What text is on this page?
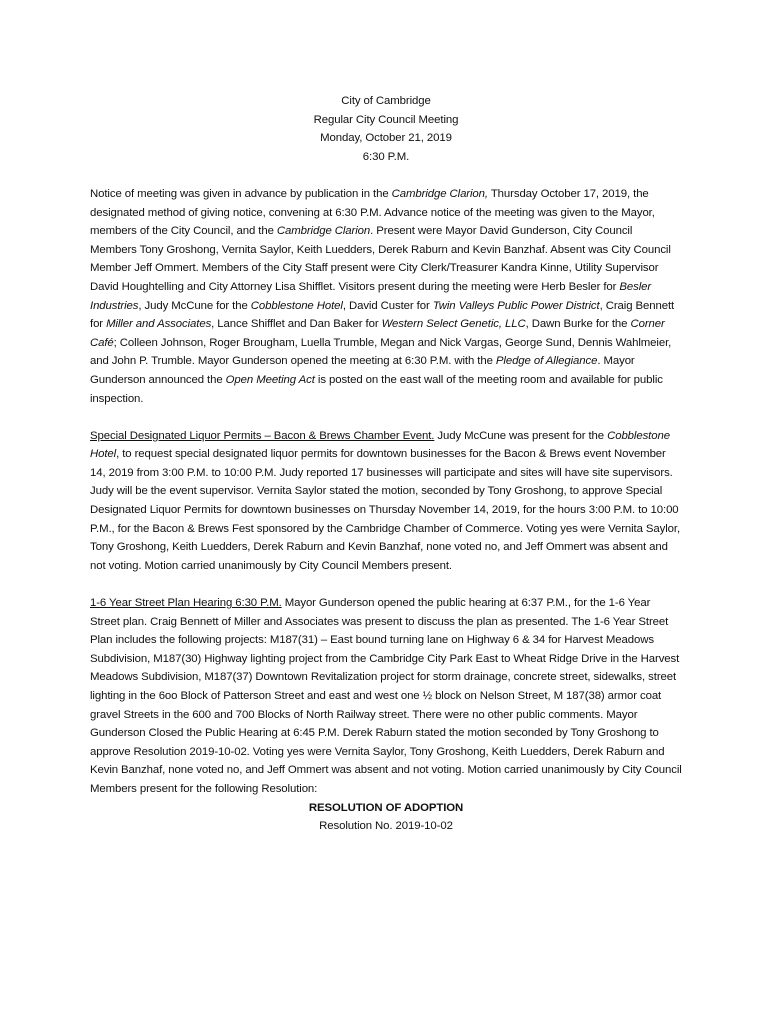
City of Cambridge
Regular City Council Meeting
Monday, October 21, 2019
6:30 P.M.

Notice of meeting was given in advance by publication in the Cambridge Clarion, Thursday October 17, 2019, the designated method of giving notice, convening at 6:30 P.M. Advance notice of the meeting was given to the Mayor, members of the City Council, and the Cambridge Clarion. Present were Mayor David Gunderson, City Council Members Tony Groshong, Vernita Saylor, Keith Luedders, Derek Raburn and Kevin Banzhaf. Absent was City Council Member Jeff Ommert. Members of the City Staff present were City Clerk/Treasurer Kandra Kinne, Utility Supervisor David Houghtelling and City Attorney Lisa Shifflet. Visitors present during the meeting were Herb Besler for Besler Industries, Judy McCune for the Cobblestone Hotel, David Custer for Twin Valleys Public Power District, Craig Bennett for Miller and Associates, Lance Shifflet and Dan Baker for Western Select Genetic, LLC, Dawn Burke for the Corner Café; Colleen Johnson, Roger Brougham, Luella Trumble, Megan and Nick Vargas, George Sund, Dennis Wahlmeier, and John P. Trumble. Mayor Gunderson opened the meeting at 6:30 P.M. with the Pledge of Allegiance. Mayor Gunderson announced the Open Meeting Act is posted on the east wall of the meeting room and available for public inspection.

Special Designated Liquor Permits – Bacon & Brews Chamber Event. Judy McCune was present for the Cobblestone Hotel, to request special designated liquor permits for downtown businesses for the Bacon & Brews event November 14, 2019 from 3:00 P.M. to 10:00 P.M. Judy reported 17 businesses will participate and sites will have site supervisors. Judy will be the event supervisor. Vernita Saylor stated the motion, seconded by Tony Groshong, to approve Special Designated Liquor Permits for downtown businesses on Thursday November 14, 2019, for the hours 3:00 P.M. to 10:00 P.M., for the Bacon & Brews Fest sponsored by the Cambridge Chamber of Commerce. Voting yes were Vernita Saylor, Tony Groshong, Keith Luedders, Derek Raburn and Kevin Banzhaf, none voted no, and Jeff Ommert was absent and not voting. Motion carried unanimously by City Council Members present.

1-6 Year Street Plan Hearing 6:30 P.M. Mayor Gunderson opened the public hearing at 6:37 P.M., for the 1-6 Year Street plan. Craig Bennett of Miller and Associates was present to discuss the plan as presented. The 1-6 Year Street Plan includes the following projects: M187(31) – East bound turning lane on Highway 6 & 34 for Harvest Meadows Subdivision, M187(30) Highway lighting project from the Cambridge City Park East to Wheat Ridge Drive in the Harvest Meadows Subdivision, M187(37) Downtown Revitalization project for storm drainage, concrete street, sidewalks, street lighting in the 6oo Block of Patterson Street and east and west one ½ block on Nelson Street, M 187(38) armor coat gravel Streets in the 600 and 700 Blocks of North Railway street. There were no other public comments. Mayor Gunderson Closed the Public Hearing at 6:45 P.M. Derek Raburn stated the motion seconded by Tony Groshong to approve Resolution 2019-10-02. Voting yes were Vernita Saylor, Tony Groshong, Keith Luedders, Derek Raburn and Kevin Banzhaf, none voted no, and Jeff Ommert was absent and not voting. Motion carried unanimously by City Council Members present for the following Resolution:

RESOLUTION OF ADOPTION
Resolution No. 2019-10-02
